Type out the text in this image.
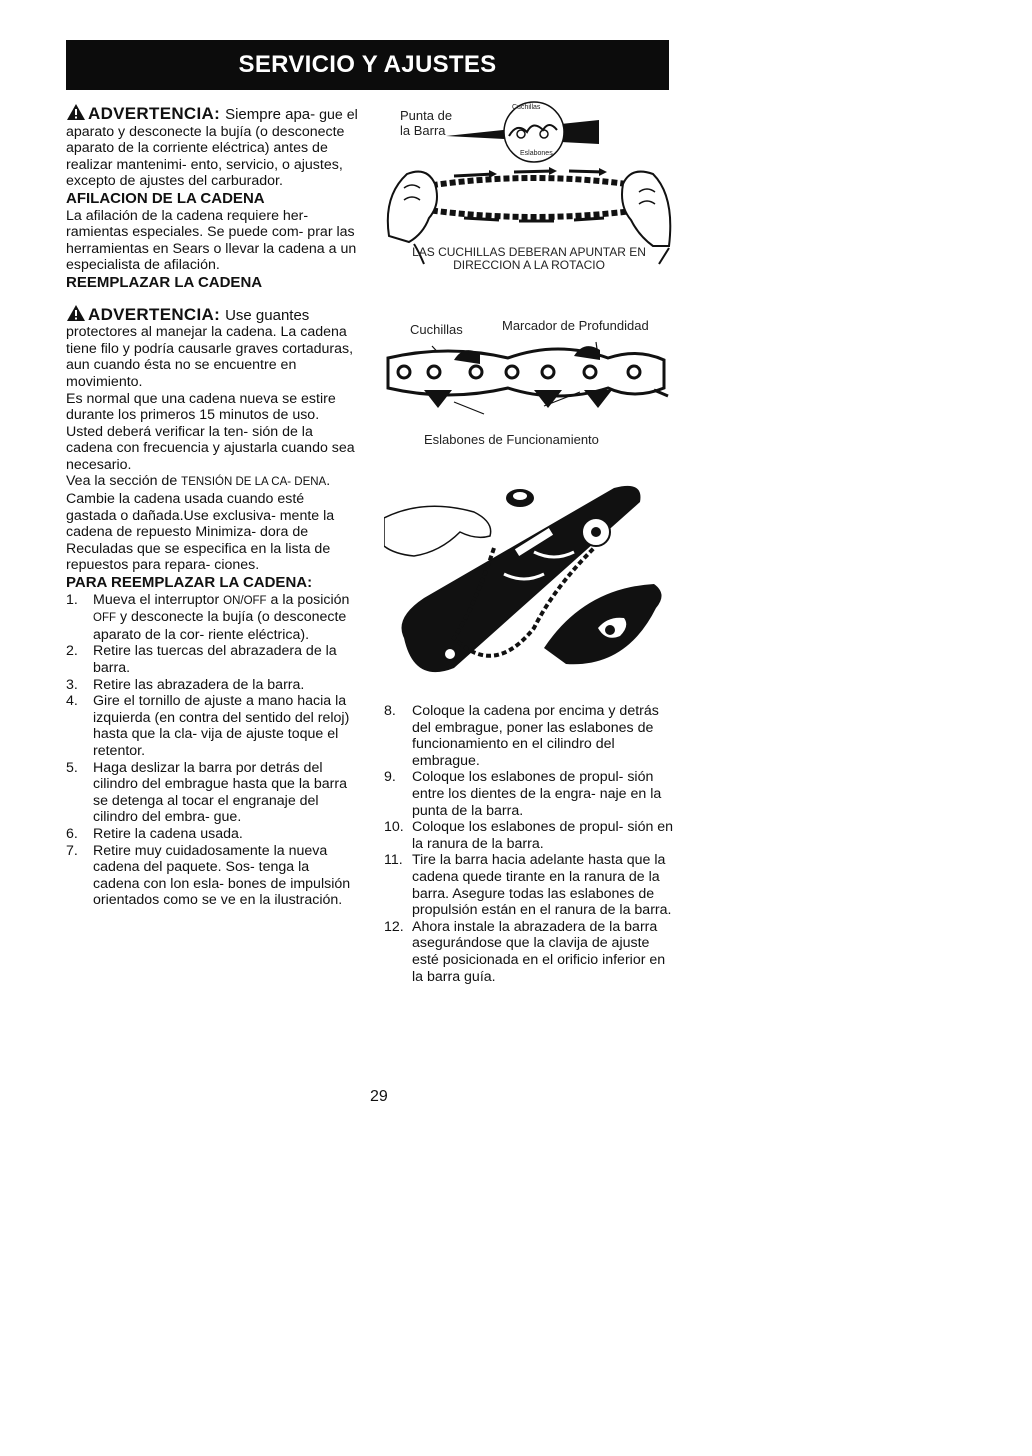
SERVICIO Y AJUSTES

ADVERTENCIA: Siempre apa- gue el aparato y desconecte la bujía (o desconecte aparato de la corriente eléctrica) antes de realizar mantenimi- ento, servicio, o ajustes, excepto de ajustes del carburador.

AFILACION DE LA CADENA

La afilación de la cadena requiere her- ramientas especiales. Se puede com- prar las herramientas en Sears o llevar la cadena a un especialista de afilación.

REEMPLAZAR LA CADENA

ADVERTENCIA: Use guantes protectores al manejar la cadena. La cadena tiene filo y podría causarle graves cortaduras, aun cuando ésta no se encuentre en movimiento.

Es normal que una cadena nueva se estire durante los primeros 15 minutos de uso. Usted deberá verificar la ten- sión de la cadena con frecuencia y ajustarla cuando sea necesario.

Vea la sección de TENSIÓN DE LA CA- DENA. Cambie la cadena usada cuando esté gastada o dañada.Use exclusiva- mente la cadena de repuesto Minimiza- dora de Reculadas que se especifica en la lista de repuestos para repara- ciones.

PARA REEMPLAZAR LA CADENA:
1.	Mueva el interruptor ON/OFF a la posición OFF y desconecte la bujía (o desconecte aparato de la cor- riente eléctrica).
2.	Retire las tuercas del abrazadera de la barra.
3.	Retire las abrazadera de la barra.
4.	Gire el tornillo de ajuste a mano hacia la izquierda (en contra del sentido del reloj) hasta que la cla- vija de ajuste toque el retentor.
5.	Haga deslizar la barra por detrás del cilindro del embrague hasta que la barra se detenga al tocar el engranaje del cilindro del embra- gue.
6.	Retire la cadena usada.
7.	Retire muy cuidadosamente la nueva cadena del paquete. Sos- tenga la cadena con lon esla- bones de impulsión orientados como se ve en la ilustración.
Punta de la Barra
Cuchillas
Eslabones
LAS CUCHILLAS DEBERAN APUNTAR EN DIRECCION A LA ROTACIO
Cuchillas	Marcador de Profundidad
Eslabones de Funcionamiento
8.	Coloque la cadena por encima y detrás del embrague, poner las eslabones de funcionamiento en el cilindro del embrague.
9.	Coloque los eslabones de propul- sión entre los dientes de la engra- naje en la punta de la barra.
10. Coloque los eslabones de propul- sión en la ranura de la barra.
11. Tire la barra hacia adelante hasta que la cadena quede tirante en la ranura de la barra. Asegure todas las eslabones de propulsión están en el ranura de la barra.
12. Ahora instale la abrazadera de la barra asegurándose que la clavija de ajuste esté posicionada en el orificio inferior en la barra guía.
29
